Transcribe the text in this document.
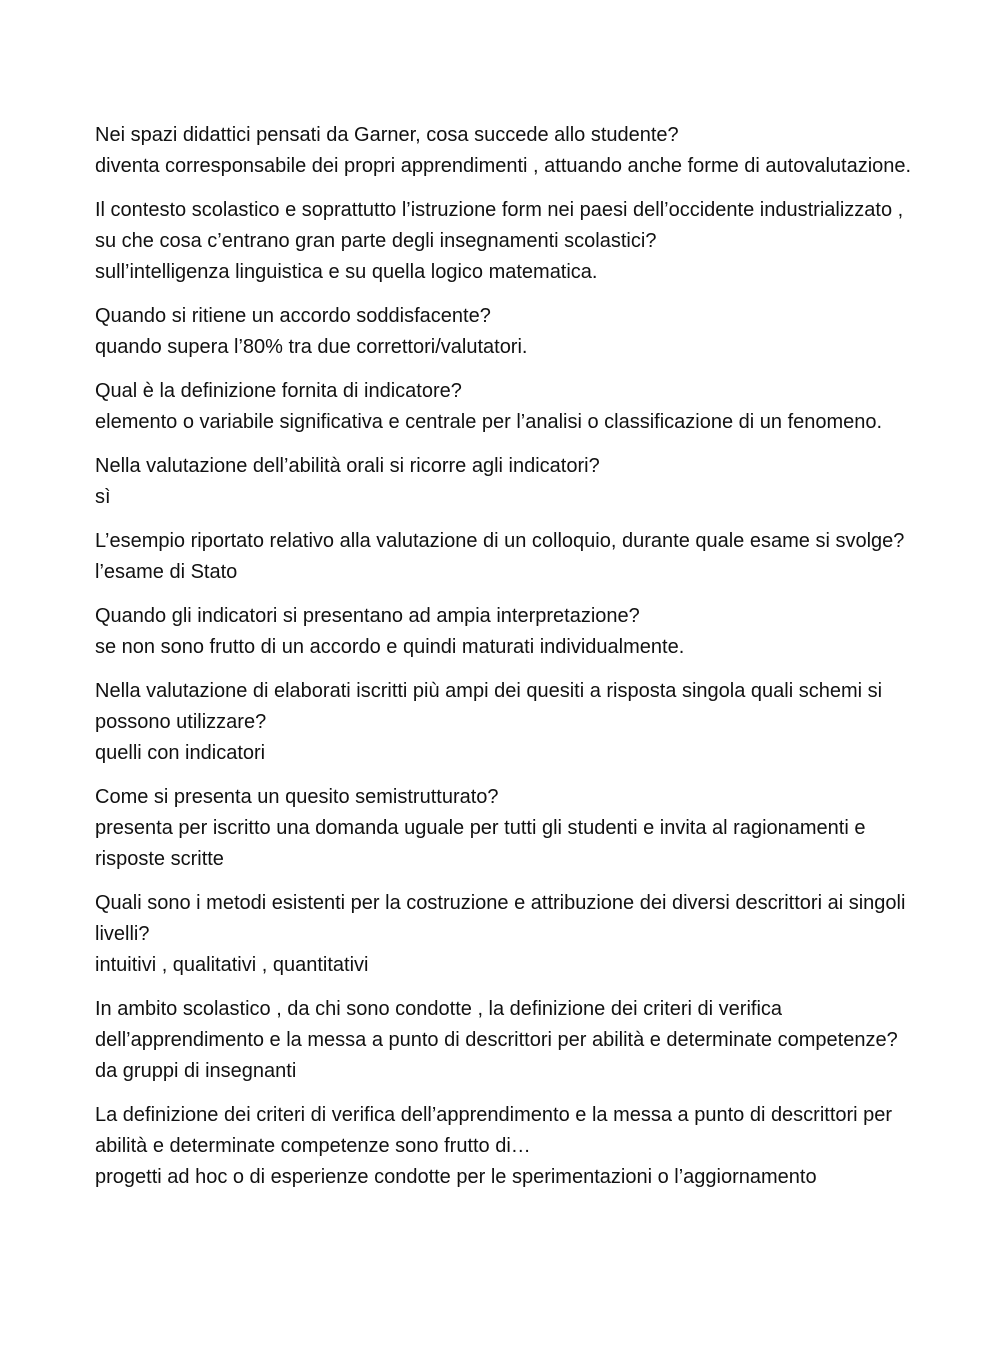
Nei spazi didattici pensati da Garner, cosa succede allo studente?
diventa corresponsabile dei propri apprendimenti , attuando anche forme di autovalutazione.
Il contesto scolastico e soprattutto l’istruzione form nei paesi dell’occidente industrializzato , su che cosa c’entrano gran parte degli insegnamenti scolastici?
sull’intelligenza linguistica e su quella logico matematica.
Quando si ritiene un accordo soddisfacente?
quando supera l’80% tra due correttori/valutatori.
Qual è la definizione fornita di indicatore?
elemento o variabile significativa e centrale per l’analisi o classificazione di un fenomeno.
Nella valutazione dell’abilità orali si ricorre agli indicatori?
sì
L’esempio riportato relativo alla valutazione di un colloquio, durante quale esame si svolge?
l’esame di Stato
Quando gli indicatori si presentano ad ampia interpretazione?
se non sono frutto di un accordo e quindi maturati individualmente.
Nella valutazione di elaborati iscritti più ampi dei quesiti a risposta singola quali schemi si possono utilizzare?
quelli con indicatori
Come si presenta un quesito semistrutturato?
presenta per iscritto una domanda uguale per tutti gli studenti e invita al ragionamenti e risposte scritte
Quali sono i metodi esistenti per la costruzione e attribuzione dei diversi descrittori ai singoli livelli?
intuitivi , qualitativi , quantitativi
In ambito scolastico , da chi sono condotte , la definizione dei criteri di verifica dell’apprendimento e la messa a punto di descrittori per abilità e determinate competenze?
da gruppi di insegnanti
La definizione dei criteri di verifica dell’apprendimento e la messa a punto di descrittori per abilità e determinate competenze sono frutto di…
progetti ad hoc o di esperienze condotte per le sperimentazioni o l’aggiornamento
